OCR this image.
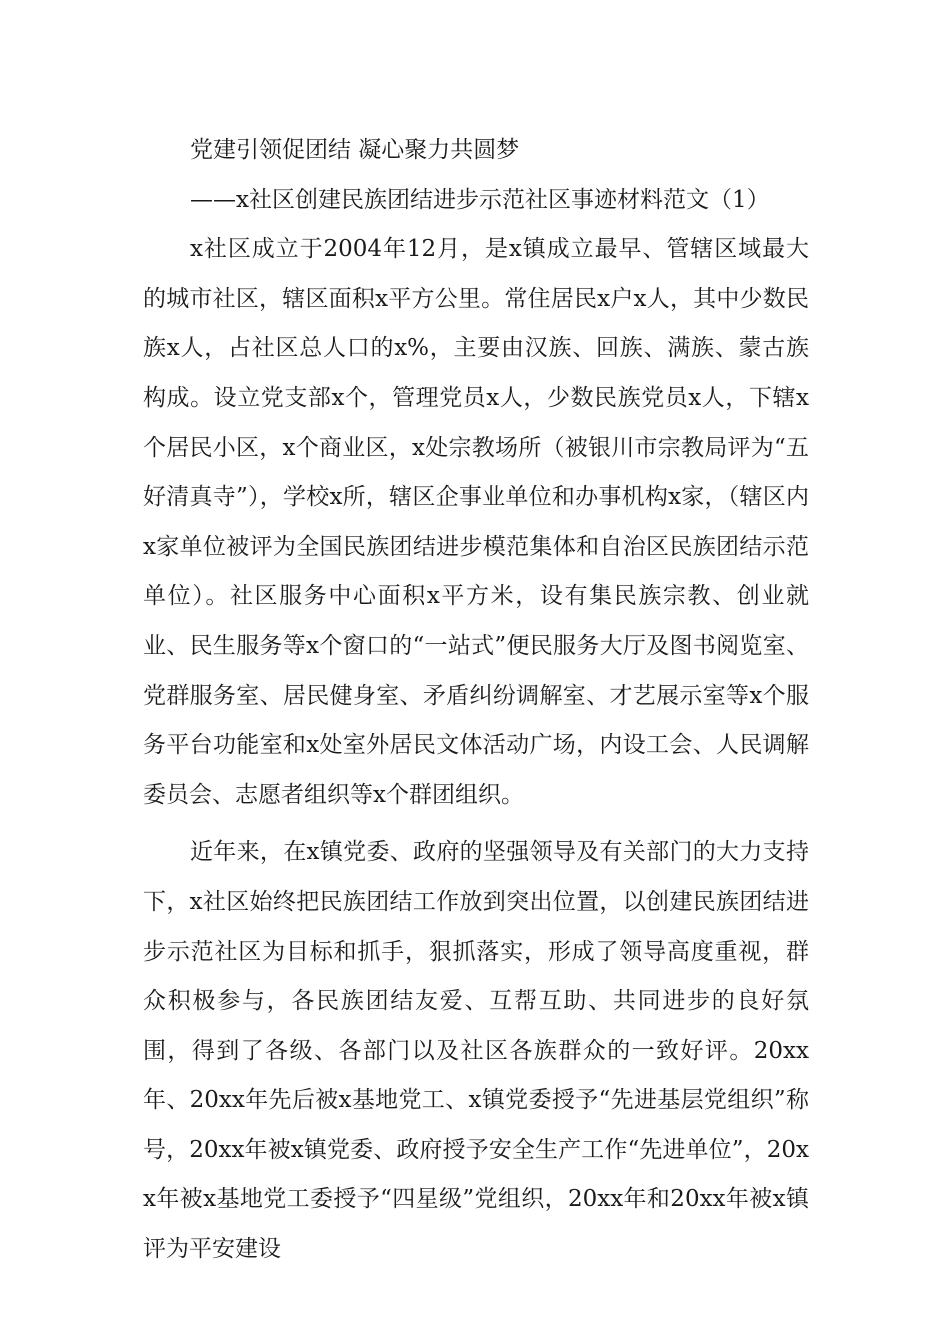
党建引领促团结 凝心聚力共圆梦

——x社区创建民族团结进步示范社区事迹材料范文（1）

x社区成立于2004年12月，是x镇成立最早、管辖区域最大的城市社区，辖区面积x平方公里。常住居民x户x人，其中少数民族x人，占社区总人口的x%，主要由汉族、回族、满族、蒙古族构成。设立党支部x个，管理党员x人，少数民族党员x人，下辖x个居民小区，x个商业区，x处宗教场所（被银川市宗教局评为“五好清真寺”），学校x所，辖区企事业单位和办事机构x家，（辖区内x家单位被评为全国民族团结进步模范集体和自治区民族团结示范单位）。社区服务中心面积x平方米，设有集民族宗教、创业就业、民生服务等x个窗口的“一站式”便民服务大厅及图书阅览室、党群服务室、居民健身室、矛盾纠纷调解室、才艺展示室等x个服务平台功能室和x处室外居民文体活动广场，内设工会、人民调解委员会、志愿者组织等x个群团组织。

近年来，在x镇党委、政府的坚强领导及有关部门的大力支持下，x社区始终把民族团结工作放到突出位置，以创建民族团结进步示范社区为目标和抓手，狠抓落实，形成了领导高度重视，群众积极参与，各民族团结友爱、互帮互助、共同进步的良好氛围，得到了各级、各部门以及社区各族群众的一致好评。20xx年、20xx年先后被x基地党工、x镇党委授予“先进基层党组织”称号，20xx年被x镇党委、政府授予安全生产工作“先进单位”，20xx年被x基地党工委授予“四星级”党组织，20xx年和20xx年被x镇评为平安建设
